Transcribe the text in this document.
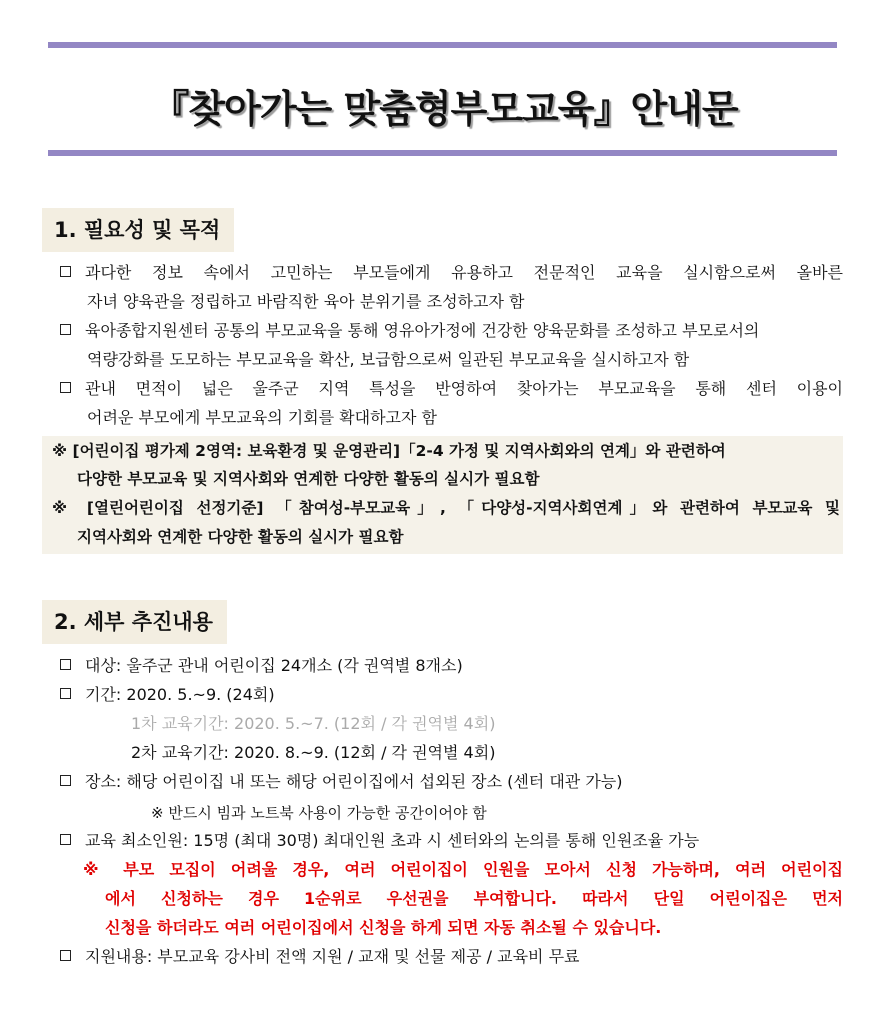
『찾아가는 맞춤형부모교육』안내문
1. 필요성 및 목적
과다한 정보 속에서 고민하는 부모들에게 유용하고 전문적인 교육을 실시함으로써 올바른
자녀 양육관을 정립하고 바람직한 육아 분위기를 조성하고자 함
육아종합지원센터 공통의 부모교육을 통해 영유아가정에 건강한 양육문화를 조성하고 부모로서의
역량강화를 도모하는 부모교육을 확산, 보급함으로써 일관된 부모교육을 실시하고자 함
관내 면적이 넓은 울주군 지역 특성을 반영하여 찾아가는 부모교육을 통해 센터 이용이
어려운 부모에게 부모교육의 기회를 확대하고자 함
※ [어린이집 평가제 2영역: 보육환경 및 운영관리]「2-4 가정 및 지역사회와의 연계」와 관련하여
다양한 부모교육 및 지역사회와 연계한 다양한 활동의 실시가 필요함
※ [열린어린이집 선정기준] 「참여성-부모교육」, 「다양성-지역사회연계」와 관련하여 부모교육 및
지역사회와 연계한 다양한 활동의 실시가 필요함
2. 세부 추진내용
대상: 울주군 관내 어린이집 24개소 (각 권역별 8개소)
기간: 2020. 5.~9. (24회)
1차 교육기간: 2020. 5.~7. (12회 / 각 권역별 4회)
2차 교육기간: 2020. 8.~9. (12회 / 각 권역별 4회)
장소: 해당 어린이집 내 또는 해당 어린이집에서 섭외된 장소 (센터 대관 가능)
※ 반드시 빔과 노트북 사용이 가능한 공간이어야 함
교육 최소인원: 15명 (최대 30명) 최대인원 초과 시 센터와의 논의를 통해 인원조율 가능
※ 부모 모집이 어려울 경우, 여러 어린이집이 인원을 모아서 신청 가능하며, 여러 어린이집
에서 신청하는 경우 1순위로 우선권을 부여합니다. 따라서 단일 어린이집은 먼저
신청을 하더라도 여러 어린이집에서 신청을 하게 되면 자동 취소될 수 있습니다.
지원내용: 부모교육 강사비 전액 지원 / 교재 및 선물 제공 / 교육비 무료
